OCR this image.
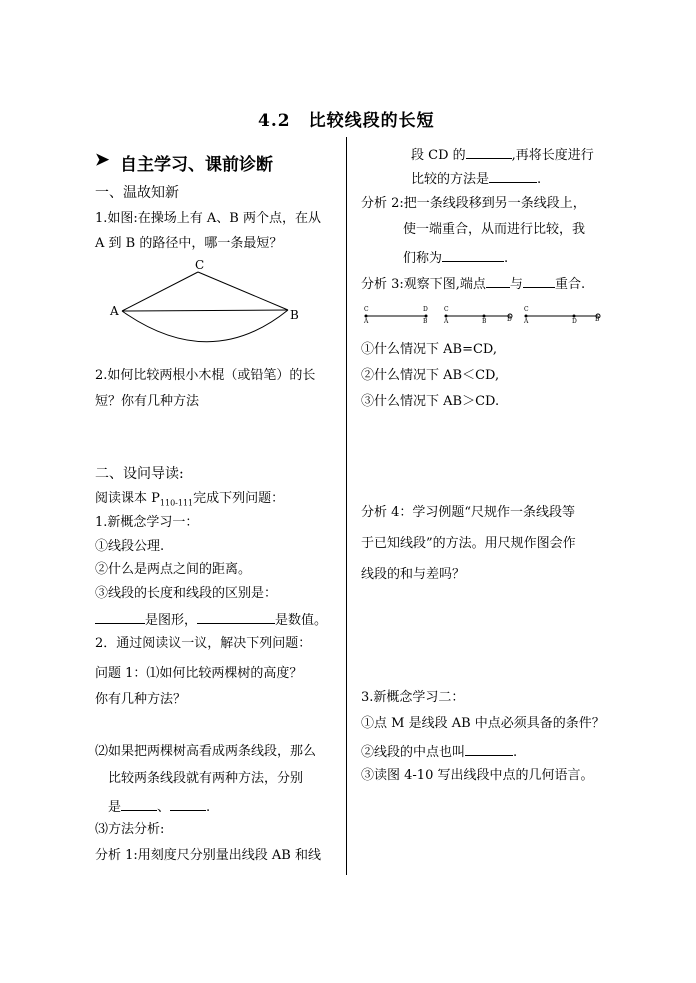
4.2　比较线段的长短
➤ 自主学习、课前诊断
一、温故知新
1.如图:在操场上有 A、B 两个点，在从
A 到 B 的路径中，哪一条最短？
C
A	B
2.如何比较两根小木棍（或铅笔）的长
短？你有几种方法
二、设问导读:
阅读课本 $P_{110-111}$完成下列问题：
1.新概念学习一：
①线段公理.
②什么是两点之间的距离。
③线段的长度和线段的区别是：
是图形，	是数值。
2．通过阅读议一议，解决下列问题：
问题 1：⑴如何比较两棵树的高度？
你有几种方法？
⑵如果把两棵树高看成两条线段，那么
比较两条线段就有两种方法，分别
是	、	.
⑶方法分析:
分析 1:用刻度尺分别量出线段 AB 和线
段 CD 的	,再将长度进行
比较的方法是	.
分析 2:把一条线段移到另一条线段上，
使一端重合，从而进行比较，我
们称为	.
分析 3:观察下图,端点 与 重合.
C
A
D
B
C
A	B	D
C
A	D	B
①什么情况下 AB=CD,
②什么情况下 AB＜CD,
③什么情况下 AB＞CD.
分析 4：学习例题“尺规作一条线段等
于已知线段”的方法。用尺规作图会作
线段的和与差吗？
3.新概念学习二：
①点 M 是线段 AB 中点必须具备的条件？
②线段的中点也叫	.
③读图 4-10 写出线段中点的几何语言。
